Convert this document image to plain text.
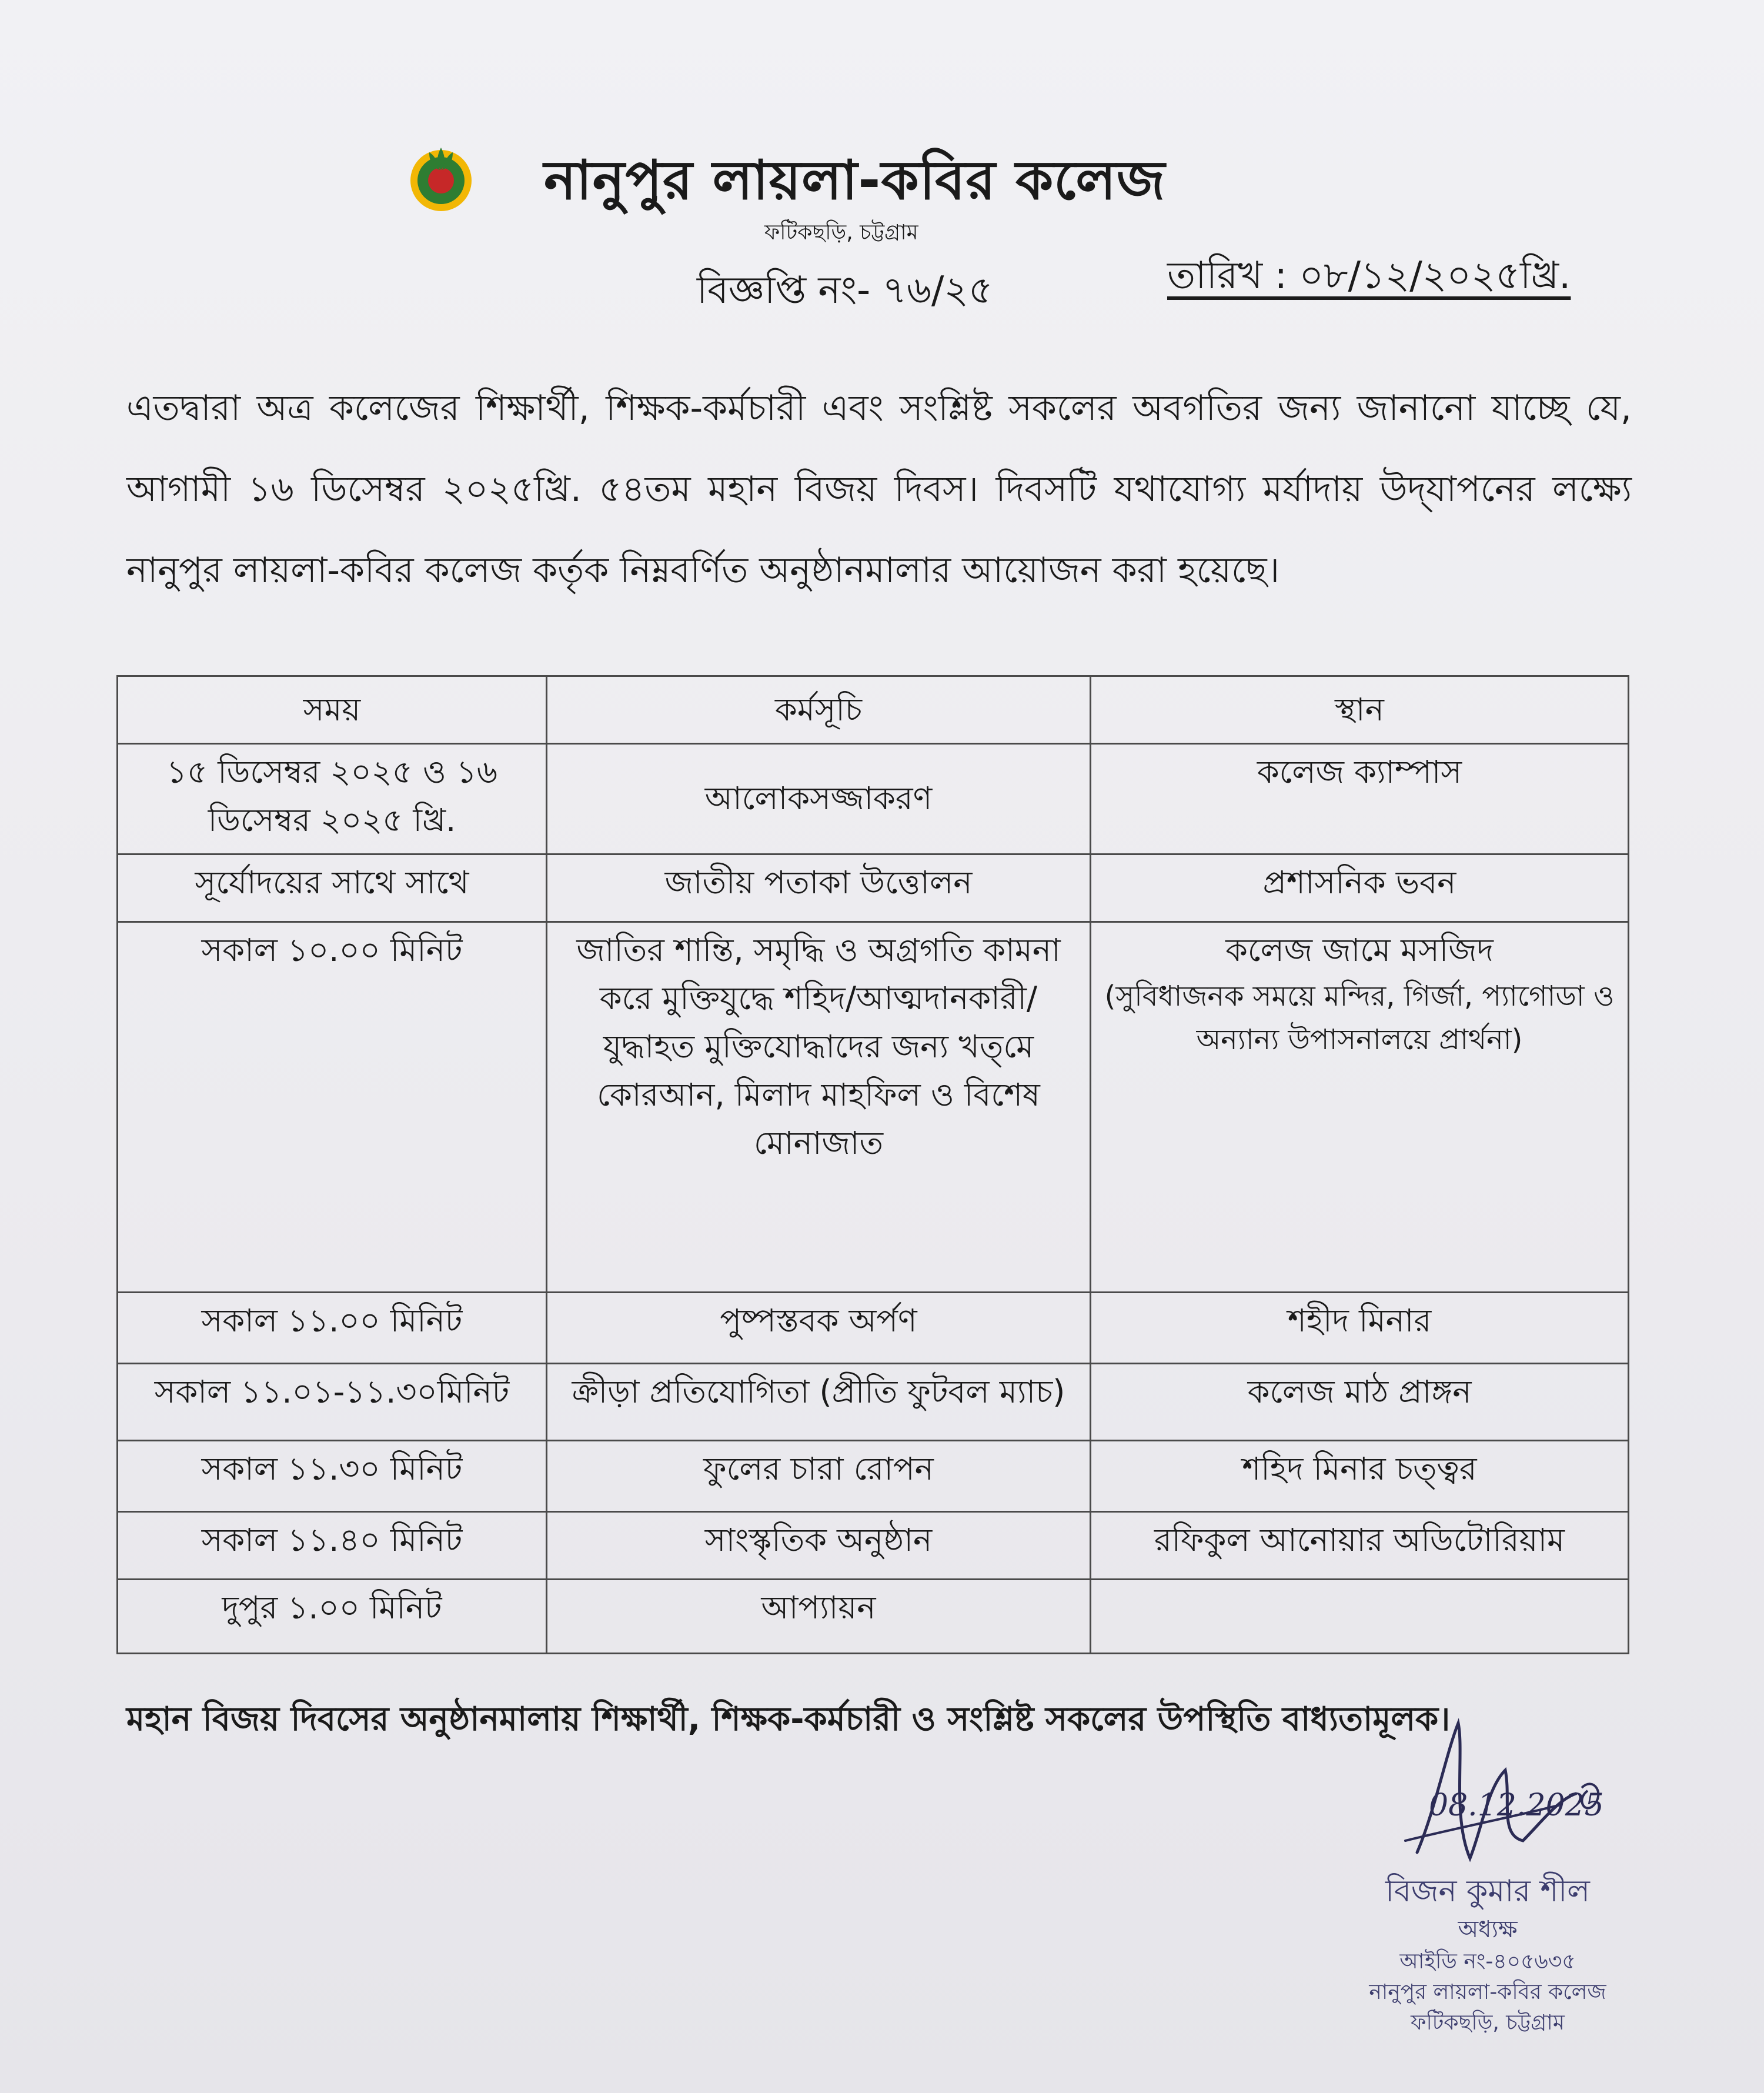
নানুপুর লায়লা-কবির কলেজ
ফটিকছড়ি, চট্টগ্রাম
বিজ্ঞপ্তি নং- ৭৬/২৫	তারিখ : ০৮/১২/২০২৫খ্রি.
এতদ্বারা অত্র কলেজের শিক্ষার্থী, শিক্ষক-কর্মচারী এবং সংশ্লিষ্ট সকলের অবগতির জন্য জানানো যাচ্ছে যে, আগামী ১৬ ডিসেম্বর ২০২৫খ্রি. ৫৪তম মহান বিজয় দিবস। দিবসটি যথাযোগ্য মর্যাদায় উদ্‌যাপনের লক্ষ্যে নানুপুর লায়লা-কবির কলেজ কর্তৃক নিম্নবর্ণিত অনুষ্ঠানমালার আয়োজন করা হয়েছে।
সময়	কর্মসূচি	স্থান
১৫ ডিসেম্বর ২০২৫ ও ১৬ ডিসেম্বর ২০২৫ খ্রি.	আলোকসজ্জাকরণ	কলেজ ক্যাম্পাস
সূর্যোদয়ের সাথে সাথে	জাতীয় পতাকা উত্তোলন	প্রশাসনিক ভবন
সকাল ১০.০০ মিনিট	জাতির শান্তি, সমৃদ্ধি ও অগ্রগতি কামনা করে মুক্তিযুদ্ধে শহিদ/আত্মদানকারী/যুদ্ধাহত মুক্তিযোদ্ধাদের জন্য খত্‌মে কোরআন, মিলাদ মাহফিল ও বিশেষ মোনাজাত	কলেজ জামে মসজিদ
(সুবিধাজনক সময়ে মন্দির, গির্জা, প্যাগোডা ও অন্যান্য উপাসনালয়ে প্রার্থনা)

সকাল ১১.০০ মিনিট	পুষ্পস্তবক অর্পণ	শহীদ মিনার
সকাল ১১.০১-১১.৩০মিনিট	ক্রীড়া প্রতিযোগিতা (প্রীতি ফুটবল ম্যাচ)	কলেজ মাঠ প্রাঙ্গন
সকাল ১১.৩০ মিনিট	ফুলের চারা রোপন	শহিদ মিনার চত্ত্বর
সকাল ১১.৪০ মিনিট	সাংস্কৃতিক অনুষ্ঠান	রফিকুল আনোয়ার অডিটোরিয়াম
দুপুর ১.০০ মিনিট	আপ্যায়ন	
মহান বিজয় দিবসের অনুষ্ঠানমালায় শিক্ষার্থী, শিক্ষক-কর্মচারী ও সংশ্লিষ্ট সকলের উপস্থিতি বাধ্যতামূলক।
08.12.2025
বিজন কুমার শীল
অধ্যক্ষ
আইডি নং-৪০৫৬৩৫
নানুপুর লায়লা-কবির কলেজ
ফটিকছড়ি, চট্টগ্রাম
